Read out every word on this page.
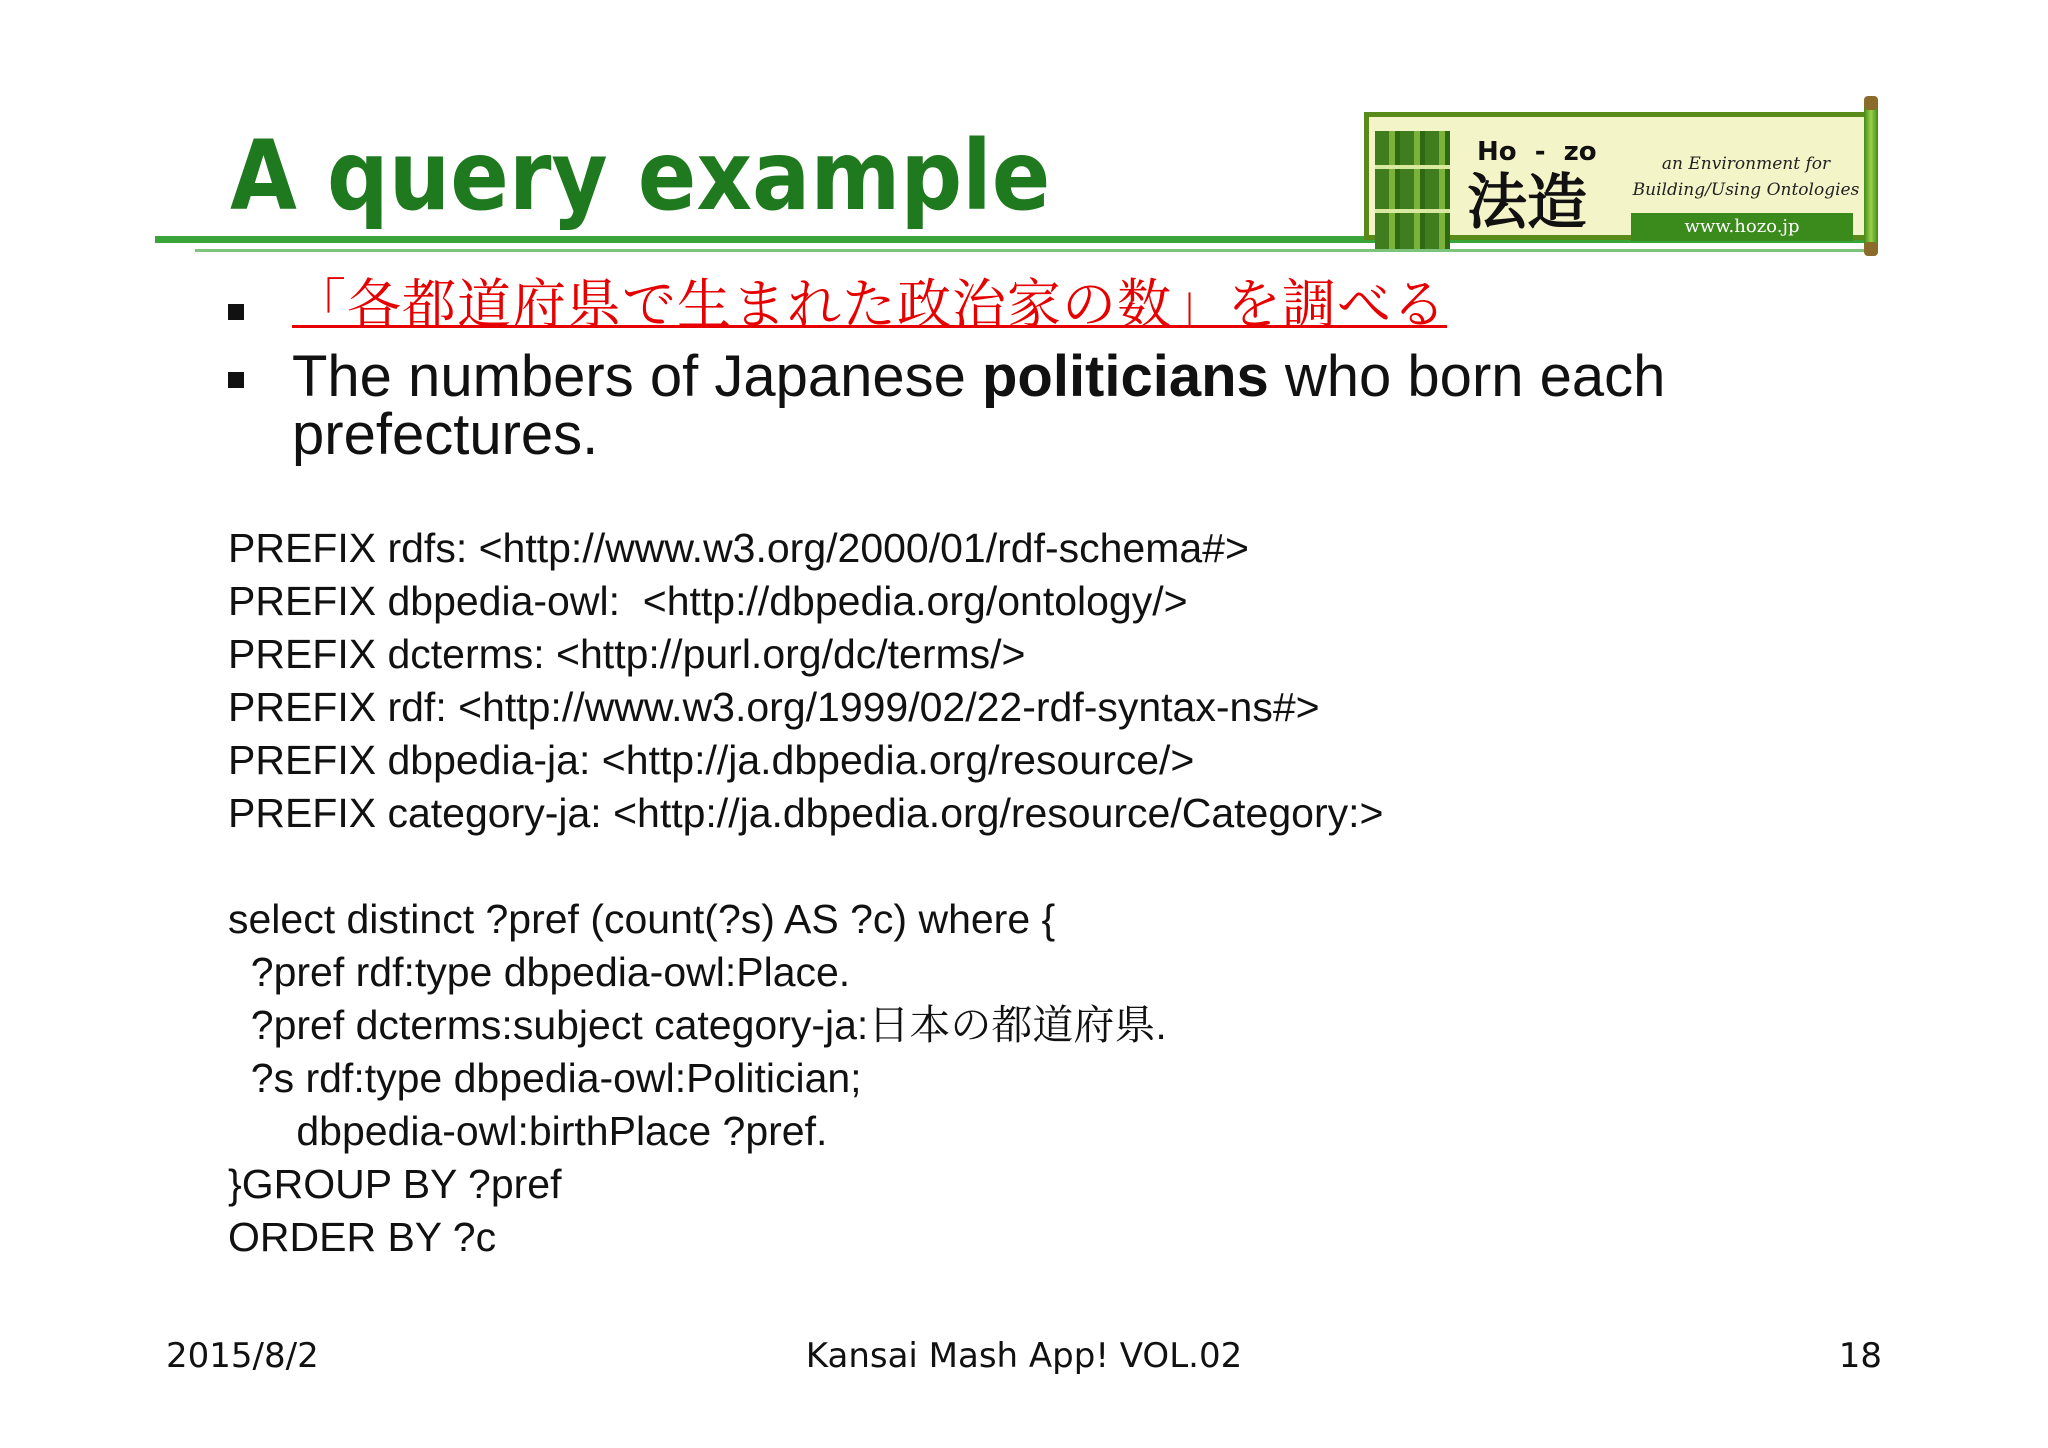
A query example	Ho  -  zo
法造
an Environment for
Building/Using Ontologies
www.hozo.jp

「各都道府県で生まれた政治家の数」を調べる

The numbers of Japanese politicians who born each prefectures.

PREFIX rdfs: <http://www.w3.org/2000/01/rdf-schema#>
PREFIX dbpedia-owl:  <http://dbpedia.org/ontology/>
PREFIX dcterms: <http://purl.org/dc/terms/>
PREFIX rdf: <http://www.w3.org/1999/02/22-rdf-syntax-ns#>
PREFIX dbpedia-ja: <http://ja.dbpedia.org/resource/>
PREFIX category-ja: <http://ja.dbpedia.org/resource/Category:>
select distinct ?pref (count(?s) AS ?c) where {
?pref rdf:type dbpedia-owl:Place.
?pref dcterms:subject category-ja:日本の都道府県.
?s rdf:type dbpedia-owl:Politician;
dbpedia-owl:birthPlace ?pref.
}GROUP BY ?pref
ORDER BY ?c
2015/8/2	Kansai Mash App! VOL.02	18
